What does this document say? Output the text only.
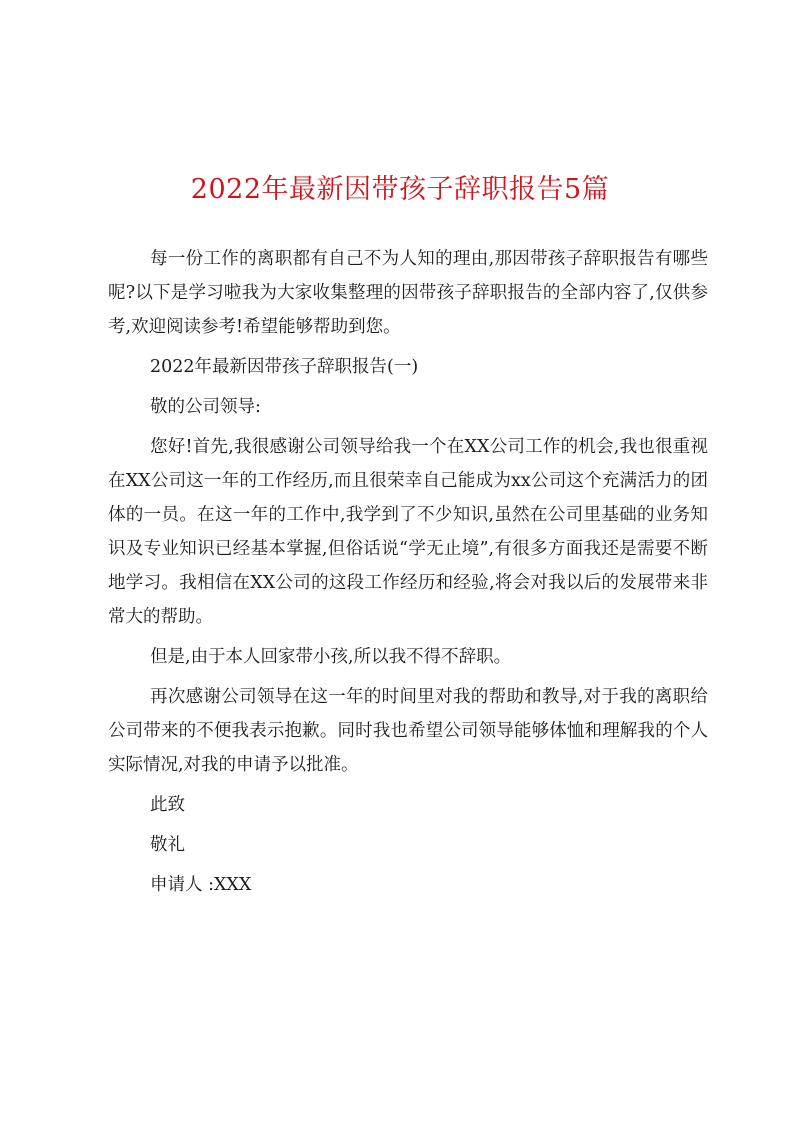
2022年最新因带孩子辞职报告5篇

每一份工作的离职都有自己不为人知的理由,那因带孩子辞职报告有哪些呢?以下是学习啦我为大家收集整理的因带孩子辞职报告的全部内容了,仅供参考,欢迎阅读参考!希望能够帮助到您。

2022年最新因带孩子辞职报告(一)

敬的公司领导:

您好!首先,我很感谢公司领导给我一个在XX公司工作的机会,我也很重视在XX公司这一年的工作经历,而且很荣幸自己能成为xx公司这个充满活力的团体的一员。在这一年的工作中,我学到了不少知识,虽然在公司里基础的业务知识及专业知识已经基本掌握,但俗话说“学无止境”,有很多方面我还是需要不断地学习。我相信在XX公司的这段工作经历和经验,将会对我以后的发展带来非常大的帮助。

但是,由于本人回家带小孩,所以我不得不辞职。

再次感谢公司领导在这一年的时间里对我的帮助和教导,对于我的离职给公司带来的不便我表示抱歉。同时我也希望公司领导能够体恤和理解我的个人实际情况,对我的申请予以批准。

此致

敬礼

申请人 :XXX
